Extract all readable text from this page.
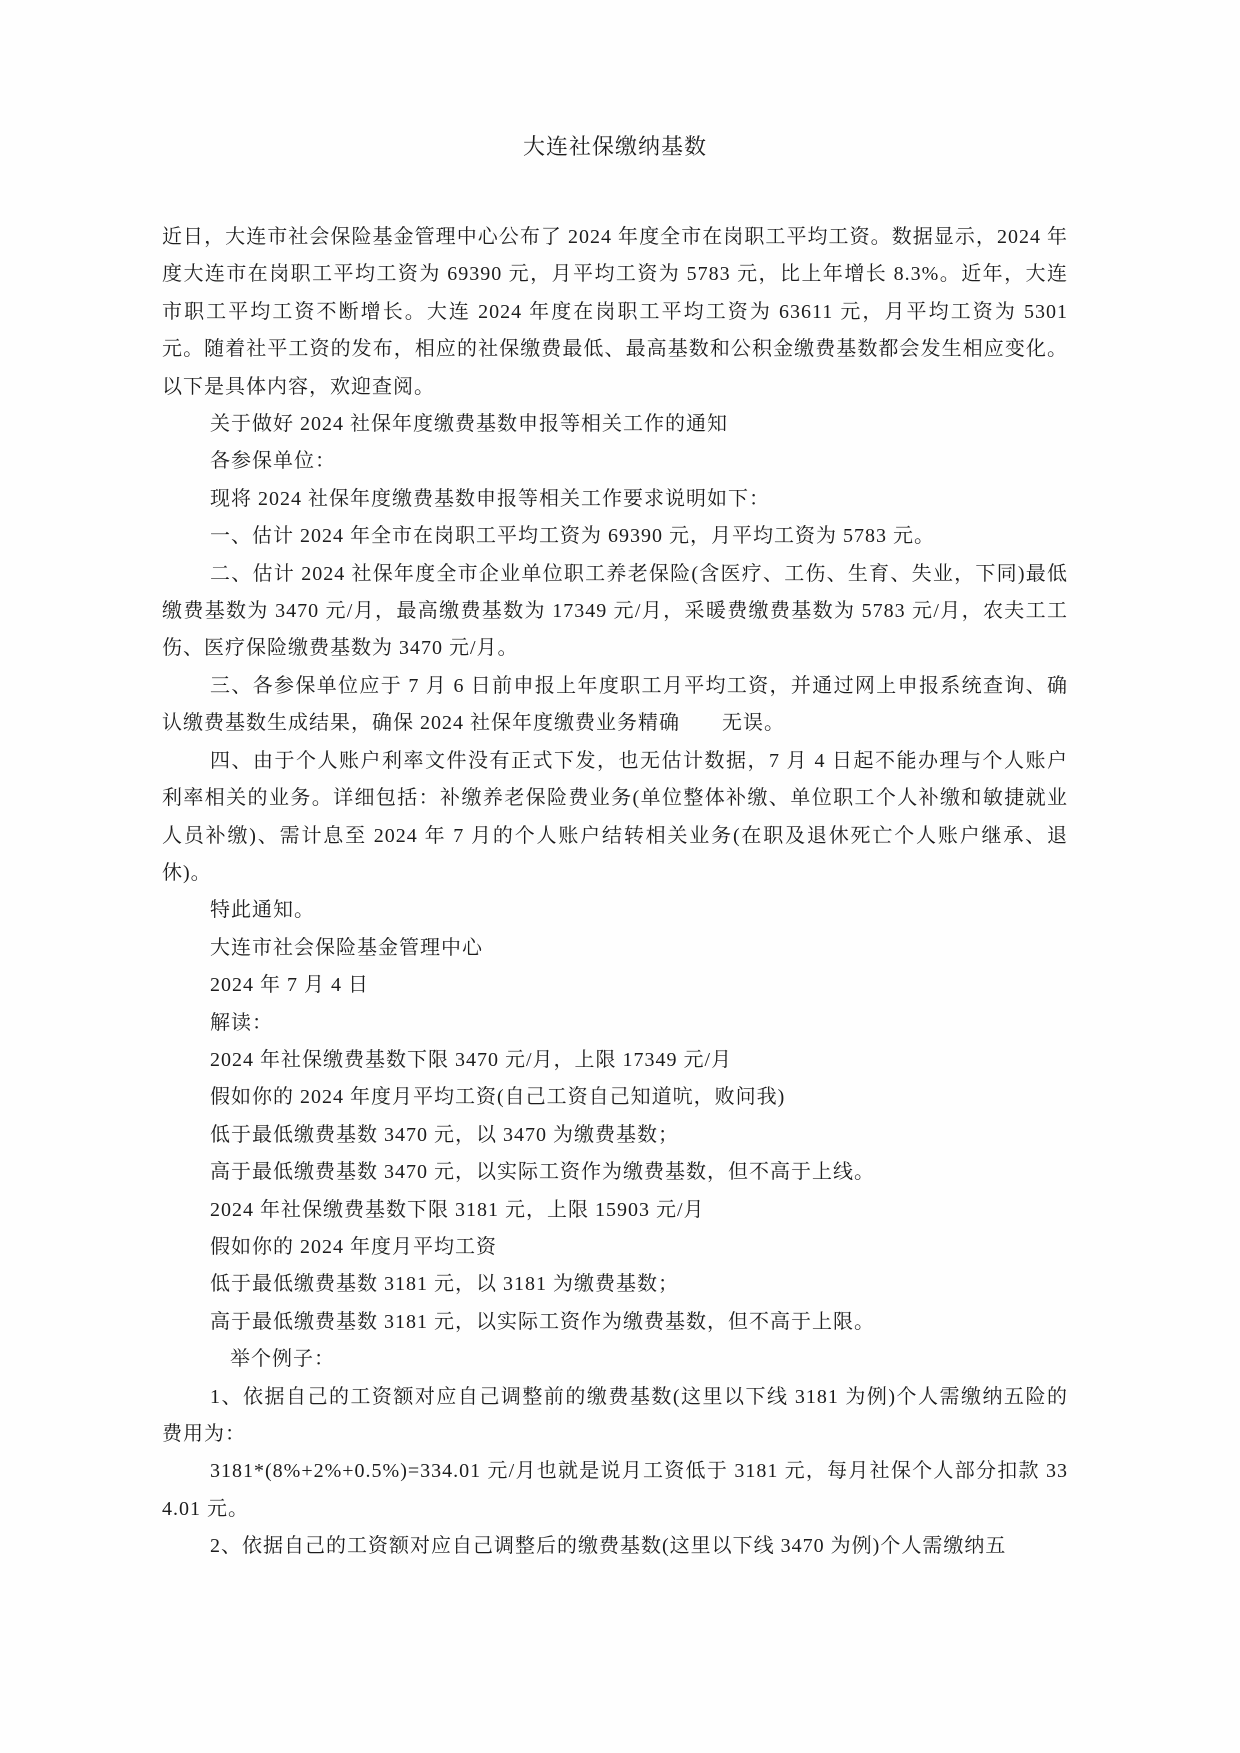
大连社保缴纳基数

近日，大连市社会保险基金管理中心公布了 2024 年度全市在岗职工平均工资。数据显示，2024 年度大连市在岗职工平均工资为 69390 元，月平均工资为 5783 元，比上年增长 8.3%。近年，大连市职工平均工资不断增长。大连 2024 年度在岗职工平均工资为 63611 元，月平均工资为 5301 元。随着社平工资的发布，相应的社保缴费最低、最高基数和公积金缴费基数都会发生相应变化。以下是具体内容，欢迎查阅。

关于做好 2024 社保年度缴费基数申报等相关工作的通知

各参保单位：

现将 2024 社保年度缴费基数申报等相关工作要求说明如下：

一、估计 2024 年全市在岗职工平均工资为 69390 元，月平均工资为 5783 元。

二、估计 2024 社保年度全市企业单位职工养老保险(含医疗、工伤、生育、失业，下同)最低缴费基数为 3470 元/月，最高缴费基数为 17349 元/月，采暖费缴费基数为 5783 元/月，农夫工工伤、医疗保险缴费基数为 3470 元/月。

三、各参保单位应于 7 月 6 日前申报上年度职工月平均工资，并通过网上申报系统查询、确认缴费基数生成结果，确保 2024 社保年度缴费业务精确　　无误。

四、由于个人账户利率文件没有正式下发，也无估计数据，7 月 4 日起不能办理与个人账户利率相关的业务。详细包括：补缴养老保险费业务(单位整体补缴、单位职工个人补缴和敏捷就业人员补缴)、需计息至 2024 年 7 月的个人账户结转相关业务(在职及退休死亡个人账户继承、退休)。

特此通知。

大连市社会保险基金管理中心

2024 年 7 月 4 日

解读：

2024 年社保缴费基数下限 3470 元/月，上限 17349 元/月

假如你的 2024 年度月平均工资(自己工资自己知道吭，败问我)

低于最低缴费基数 3470 元，以 3470 为缴费基数；

高于最低缴费基数 3470 元，以实际工资作为缴费基数，但不高于上线。

2024 年社保缴费基数下限 3181 元，上限 15903 元/月

假如你的 2024 年度月平均工资

低于最低缴费基数 3181 元，以 3181 为缴费基数；

高于最低缴费基数 3181 元，以实际工资作为缴费基数，但不高于上限。

举个例子：

1、依据自己的工资额对应自己调整前的缴费基数(这里以下线 3181 为例)个人需缴纳五险的费用为：

3181*(8%+2%+0.5%)=334.01 元/月也就是说月工资低于 3181 元，每月社保个人部分扣款 334.01 元。

2、依据自己的工资额对应自己调整后的缴费基数(这里以下线 3470 为例)个人需缴纳五
